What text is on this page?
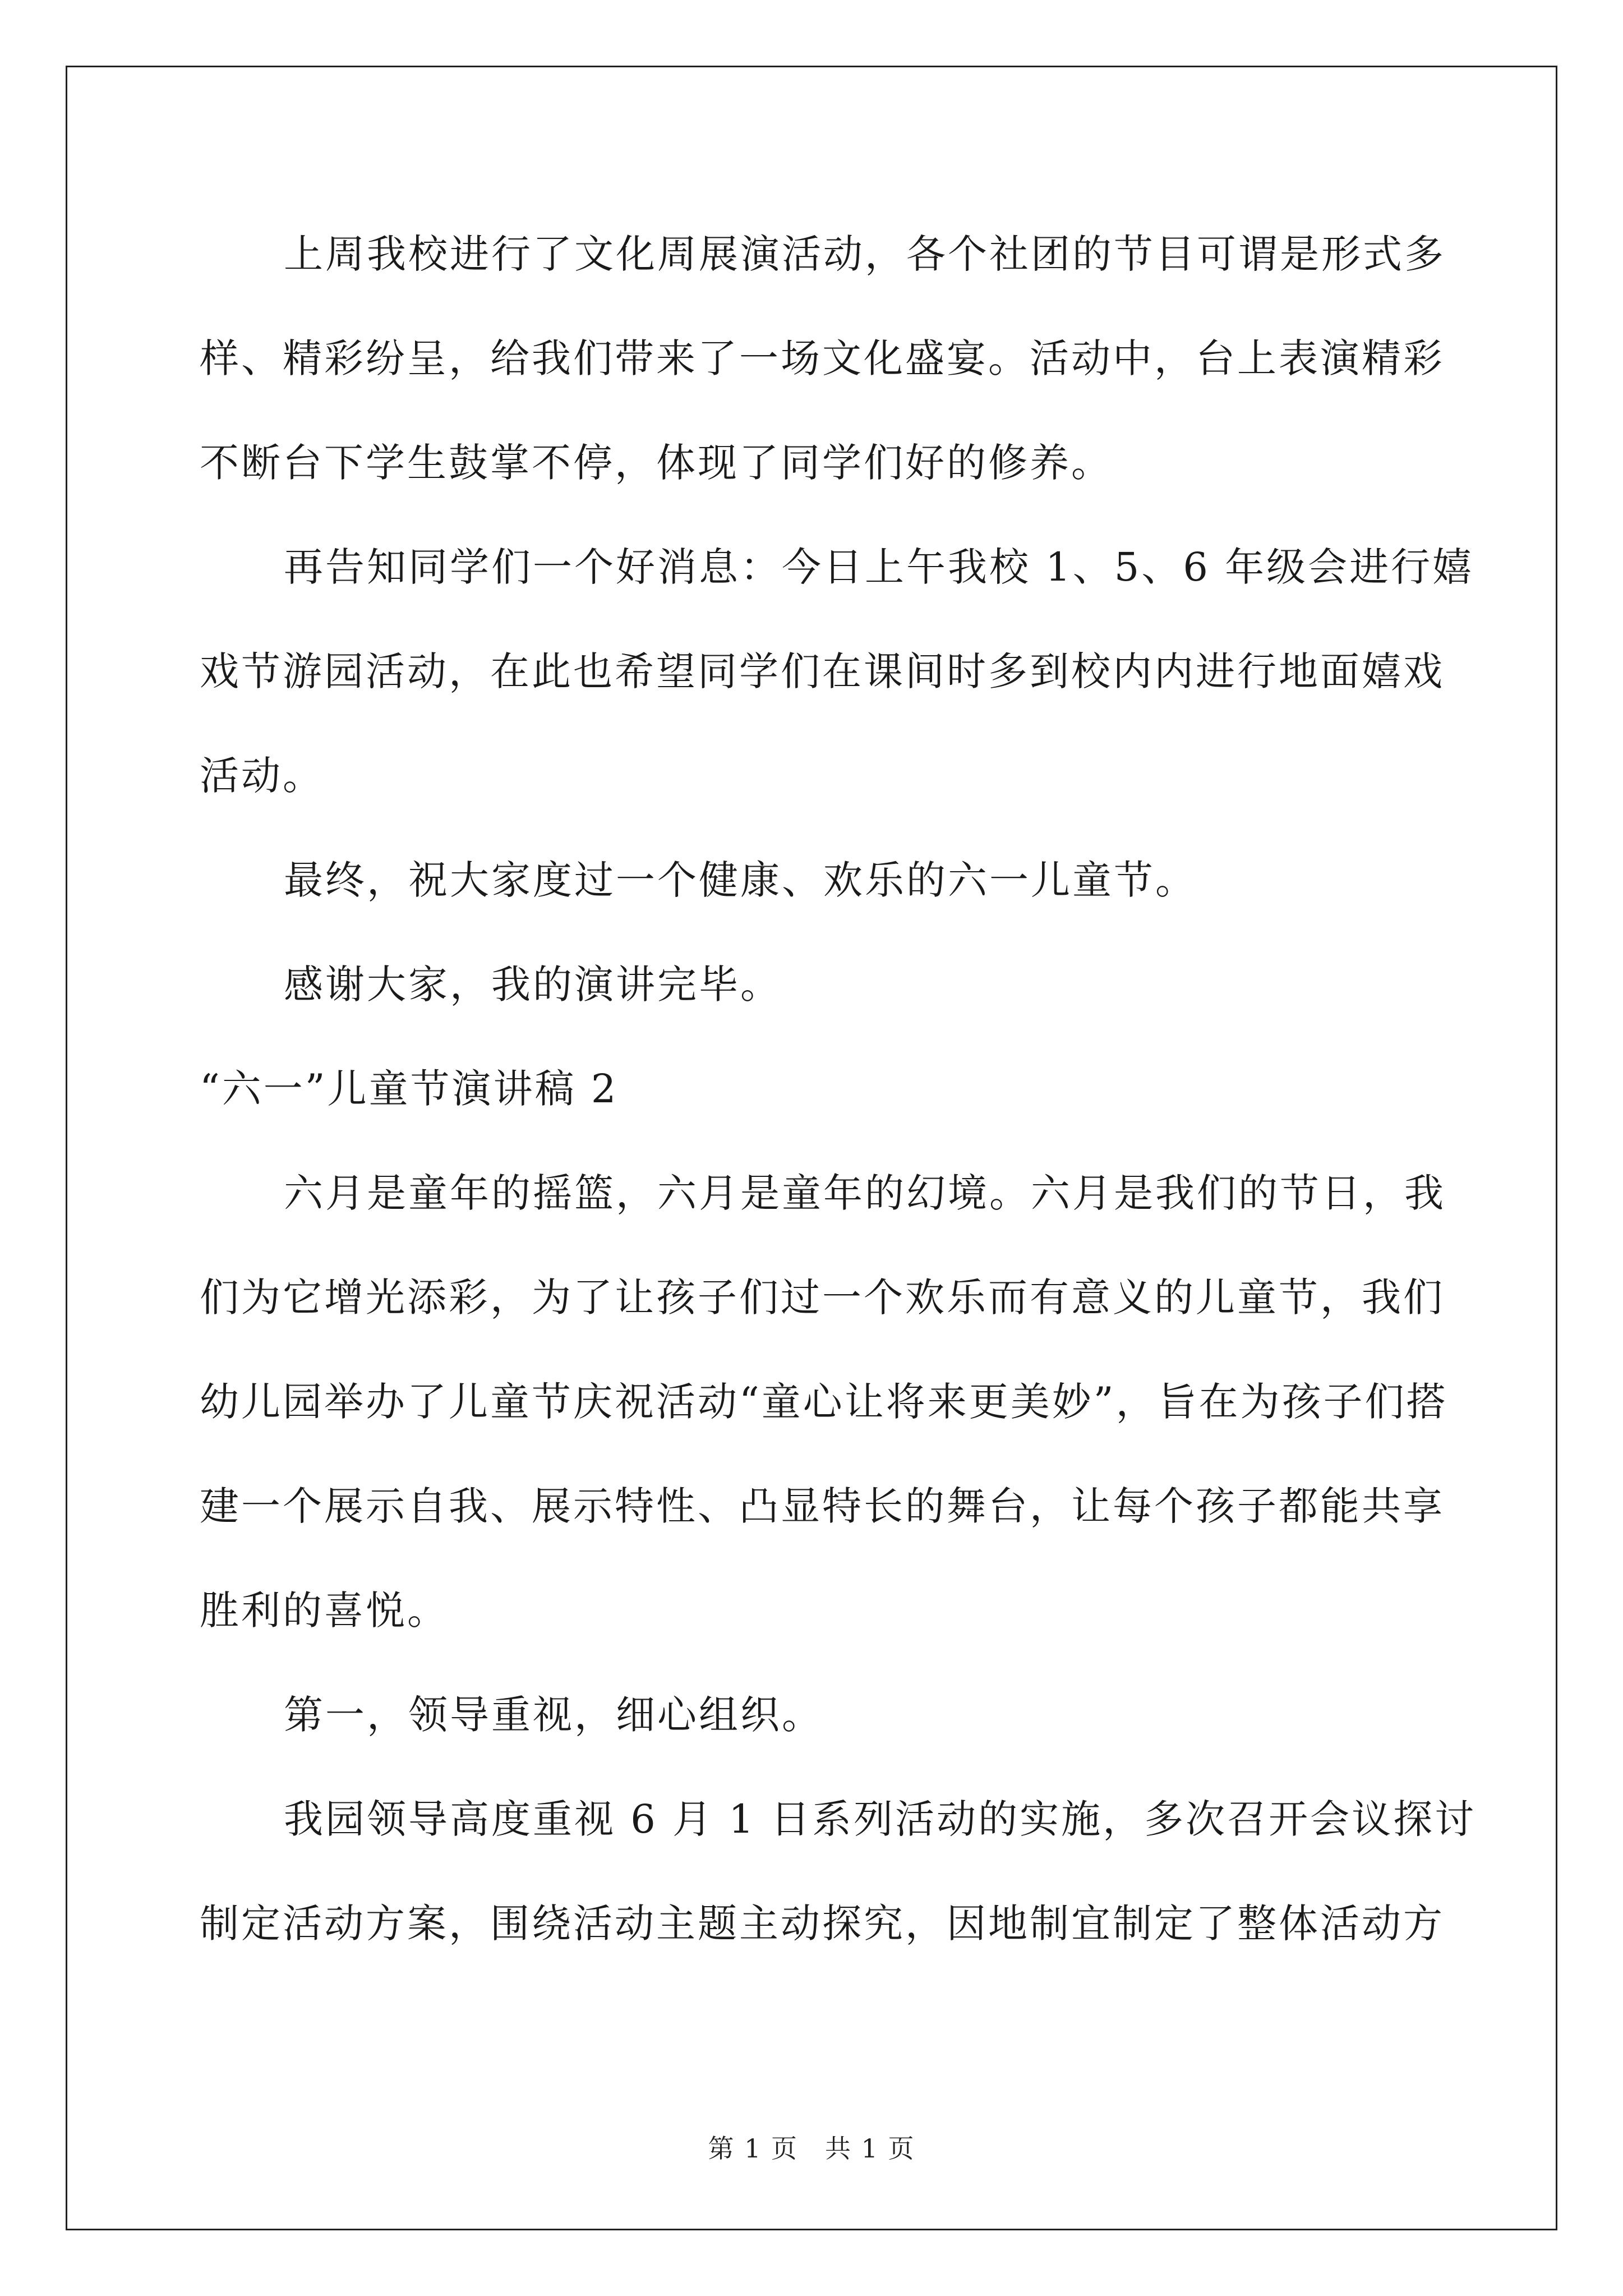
上周我校进行了文化周展演活动，各个社团的节目可谓是形式多
样、精彩纷呈，给我们带来了一场文化盛宴。活动中，台上表演精彩
不断台下学生鼓掌不停，体现了同学们好的修养。
再告知同学们一个好消息：今日上午我校 1、5、6 年级会进行嬉
戏节游园活动，在此也希望同学们在课间时多到校内内进行地面嬉戏
活动。
最终，祝大家度过一个健康、欢乐的六一儿童节。
感谢大家，我的演讲完毕。
“六一”儿童节演讲稿 2
六月是童年的摇篮，六月是童年的幻境。六月是我们的节日，我
们为它增光添彩，为了让孩子们过一个欢乐而有意义的儿童节，我们
幼儿园举办了儿童节庆祝活动“童心让将来更美妙”，旨在为孩子们搭
建一个展示自我、展示特性、凸显特长的舞台，让每个孩子都能共享
胜利的喜悦。
第一，领导重视，细心组织。
我园领导高度重视 6 月 1 日系列活动的实施，多次召开会议探讨
制定活动方案，围绕活动主题主动探究，因地制宜制定了整体活动方
第 1 页　共 1 页
